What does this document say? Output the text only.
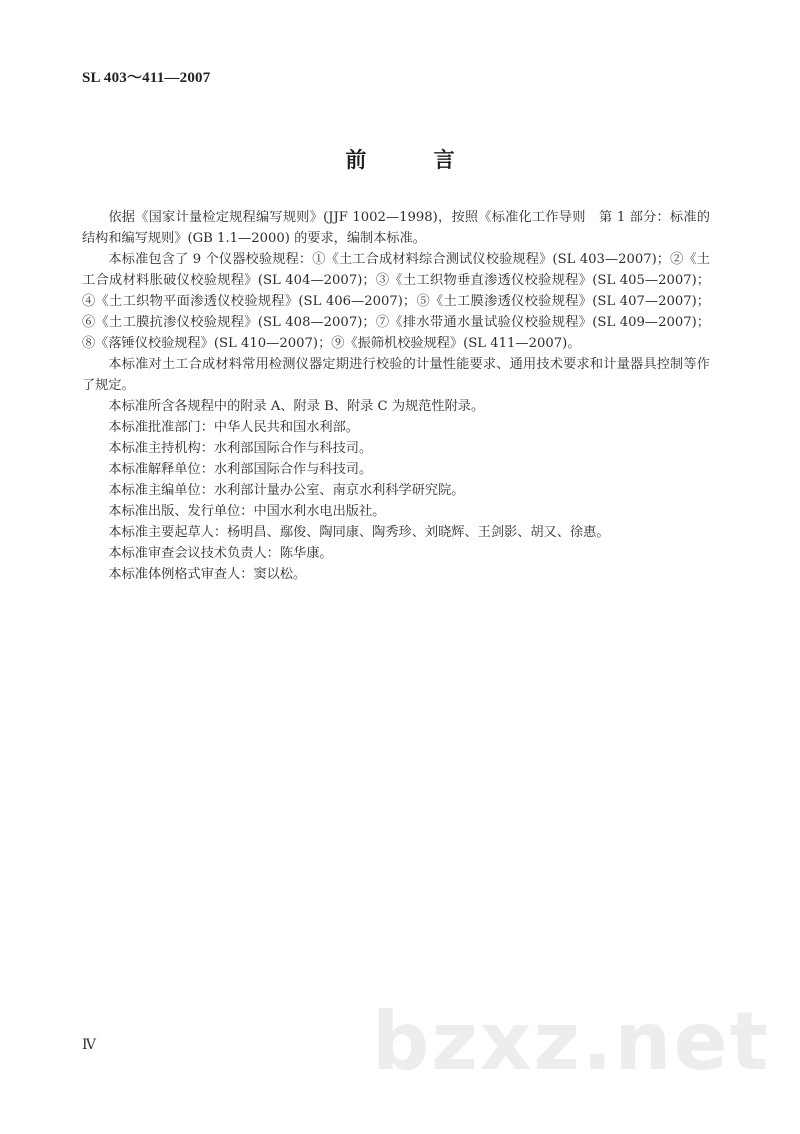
SL 403～411—2007
前 言

依据《国家计量检定规程编写规则》(JJF 1002—1998)，按照《标准化工作导则　第 1 部分：标准的结构和编写规则》(GB 1.1—2000) 的要求，编制本标准。

本标准包含了 9 个仪器校验规程：①《土工合成材料综合测试仪校验规程》(SL 403—2007)；②《土工合成材料胀破仪校验规程》(SL 404—2007)；③《土工织物垂直渗透仪校验规程》(SL 405—2007)；④《土工织物平面渗透仪校验规程》(SL 406—2007)；⑤《土工膜渗透仪校验规程》(SL 407—2007)；⑥《土工膜抗渗仪校验规程》(SL 408—2007)；⑦《排水带通水量试验仪校验规程》(SL 409—2007)；⑧《落锤仪校验规程》(SL 410—2007)；⑨《振筛机校验规程》(SL 411—2007)。

本标准对土工合成材料常用检测仪器定期进行校验的计量性能要求、通用技术要求和计量器具控制等作了规定。

本标准所含各规程中的附录 A、附录 B、附录 C 为规范性附录。

本标准批准部门：中华人民共和国水利部。

本标准主持机构：水利部国际合作与科技司。

本标准解释单位：水利部国际合作与科技司。

本标准主编单位：水利部计量办公室、南京水利科学研究院。

本标准出版、发行单位：中国水利水电出版社。

本标准主要起草人：杨明昌、鄢俊、陶同康、陶秀珍、刘晓辉、王剑影、胡又、徐惠。

本标准审查会议技术负责人：陈华康。

本标准体例格式审查人：窦以松。

Ⅳ	bzxz.net
